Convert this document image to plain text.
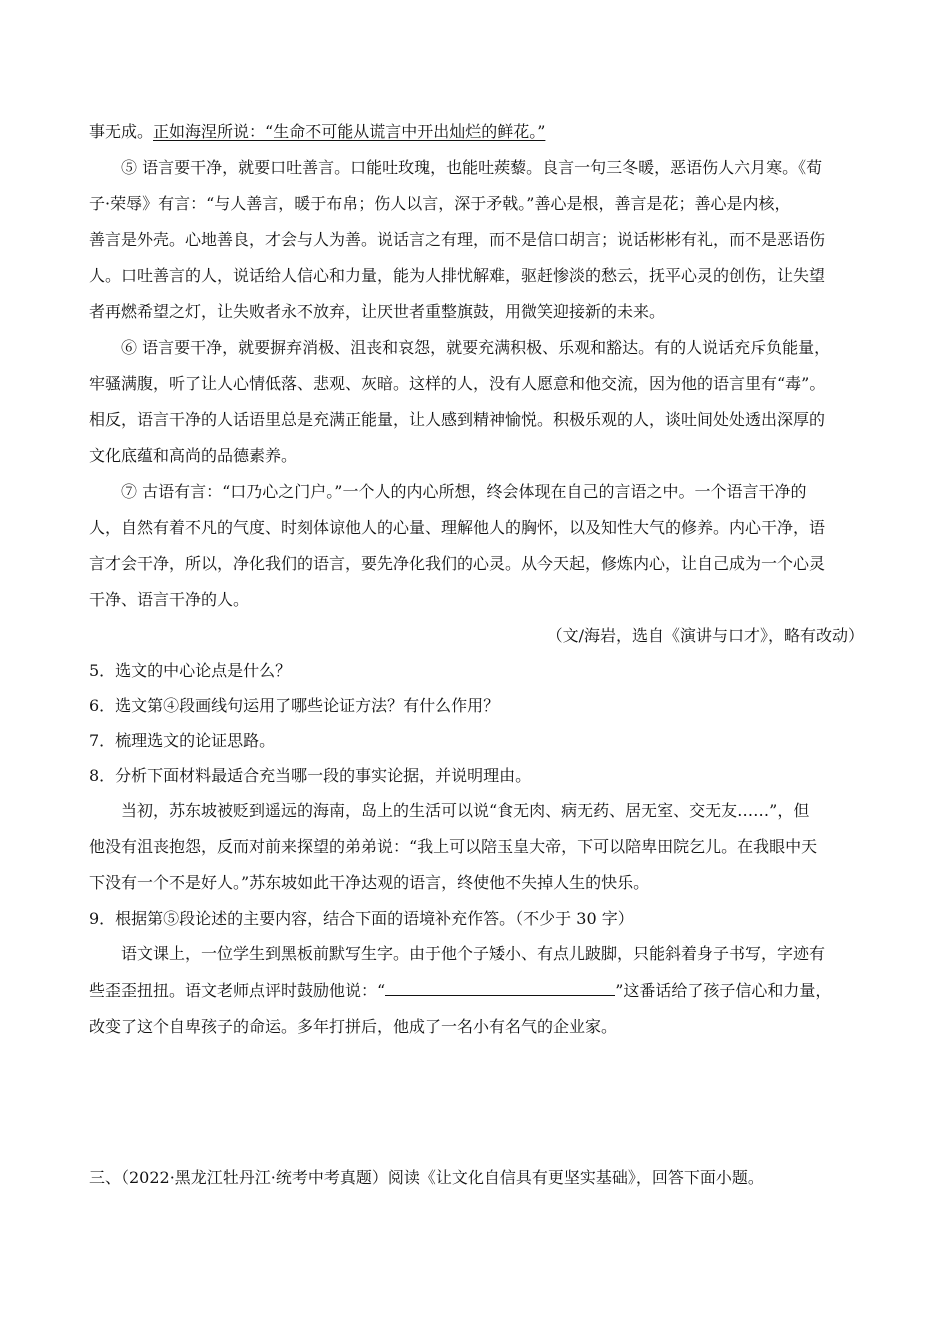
事无成。正如海涅所说：“生命不可能从谎言中开出灿烂的鲜花。”

⑤ 语言要干净，就要口吐善言。口能吐玫瑰，也能吐蒺藜。良言一句三冬暖，恶语伤人六月寒。《荀

子·荣辱》有言：“与人善言，暖于布帛；伤人以言，深于矛戟。”善心是根，善言是花；善心是内核，

善言是外壳。心地善良，才会与人为善。说话言之有理，而不是信口胡言；说话彬彬有礼，而不是恶语伤

人。口吐善言的人，说话给人信心和力量，能为人排忧解难，驱赶惨淡的愁云，抚平心灵的创伤，让失望

者再燃希望之灯，让失败者永不放弃，让厌世者重整旗鼓，用微笑迎接新的未来。

⑥ 语言要干净，就要摒弃消极、沮丧和哀怨，就要充满积极、乐观和豁达。有的人说话充斥负能量，

牢骚满腹，听了让人心情低落、悲观、灰暗。这样的人，没有人愿意和他交流，因为他的语言里有“毒”。

相反，语言干净的人话语里总是充满正能量，让人感到精神愉悦。积极乐观的人，谈吐间处处透出深厚的

文化底蕴和高尚的品德素养。

⑦ 古语有言：“口乃心之门户。”一个人的内心所想，终会体现在自己的言语之中。一个语言干净的

人，自然有着不凡的气度、时刻体谅他人的心量、理解他人的胸怀，以及知性大气的修养。内心干净，语

言才会干净，所以，净化我们的语言，要先净化我们的心灵。从今天起，修炼内心，让自己成为一个心灵

干净、语言干净的人。

（文/海岩，选自《演讲与口才》，略有改动）

5．选文的中心论点是什么？

6．选文第④段画线句运用了哪些论证方法？有什么作用？

7．梳理选文的论证思路。

8．分析下面材料最适合充当哪一段的事实论据，并说明理由。

当初，苏东坡被贬到遥远的海南，岛上的生活可以说“食无肉、病无药、居无室、交无友……”，但

他没有沮丧抱怨，反而对前来探望的弟弟说：“我上可以陪玉皇大帝，下可以陪卑田院乞儿。在我眼中天

下没有一个不是好人。”苏东坡如此干净达观的语言，终使他不失掉人生的快乐。

9．根据第⑤段论述的主要内容，结合下面的语境补充作答。（不少于 30 字）

语文课上，一位学生到黑板前默写生字。由于他个子矮小、有点儿跛脚，只能斜着身子书写，字迹有

些歪歪扭扭。语文老师点评时鼓励他说：“	”这番话给了孩子信心和力量，

改变了这个自卑孩子的命运。多年打拼后，他成了一名小有名气的企业家。

三、（2022·黑龙江牡丹江·统考中考真题）阅读《让文化自信具有更坚实基础》，回答下面小题。
